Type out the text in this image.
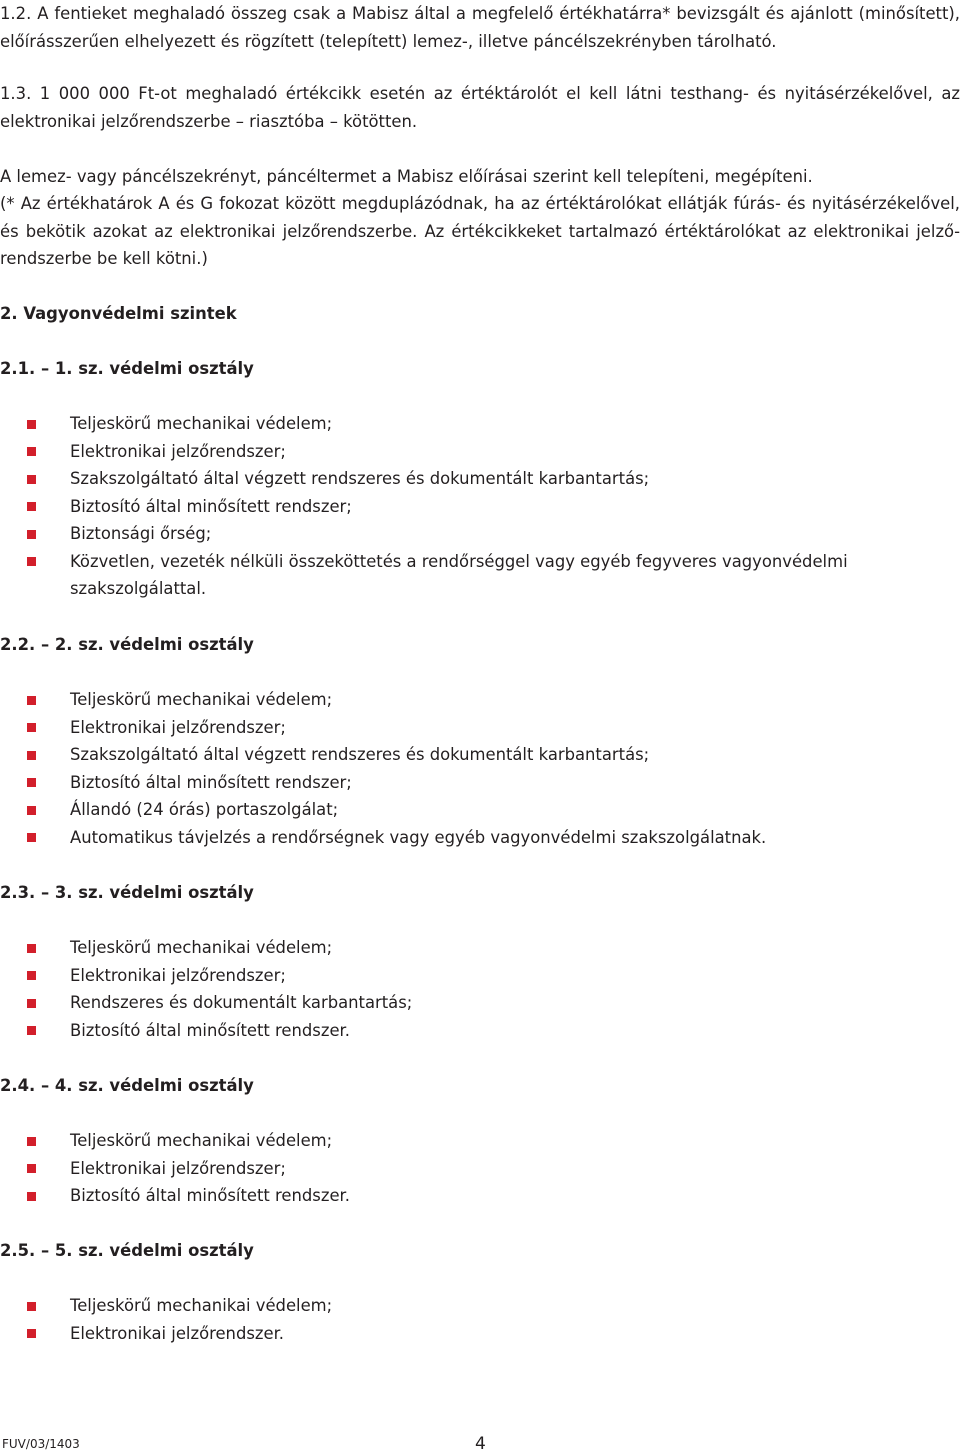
1.2. A fentieket meghaladó összeg csak a Mabisz által a megfelelő értékhatárra* bevizsgált és ajánlott (minősített), előírásszerűen elhelyezett és rögzített (telepített) lemez-, illetve páncélszekrényben tárolható.

1.3. 1 000 000 Ft-ot meghaladó értékcikk esetén az értéktárolót el kell látni testhang- és nyitásérzékelővel, az elektronikai jelzőrendszerbe – riasztóba – kötötten.

A lemez- vagy páncélszekrényt, páncéltermet a Mabisz előírásai szerint kell telepíteni, megépíteni.

(* Az értékhatárok A és G fokozat között megduplázódnak, ha az értéktárolókat ellátják fúrás- és nyitásérzékelővel, és bekötik azokat az elektronikai jelzőrendszerbe. Az értékcikkeket tartalmazó értéktárolókat az elektronikai jelző-rendszerbe be kell kötni.)

2. Vagyonvédelmi szintek

2.1. – 1. sz. védelmi osztály

Teljeskörű mechanikai védelem;
Elektronikai jelzőrendszer;
Szakszolgáltató által végzett rendszeres és dokumentált karbantartás;
Biztosító által minősített rendszer;
Biztonsági őrség;
Közvetlen, vezeték nélküli összeköttetés a rendőrséggel vagy egyéb fegyveres vagyonvédelmi szakszolgálattal.

2.2. – 2. sz. védelmi osztály

Teljeskörű mechanikai védelem;
Elektronikai jelzőrendszer;
Szakszolgáltató által végzett rendszeres és dokumentált karbantartás;
Biztosító által minősített rendszer;
Állandó (24 órás) portaszolgálat;
Automatikus távjelzés a rendőrségnek vagy egyéb vagyonvédelmi szakszolgálatnak.

2.3. – 3. sz. védelmi osztály

Teljeskörű mechanikai védelem;
Elektronikai jelzőrendszer;
Rendszeres és dokumentált karbantartás;
Biztosító által minősített rendszer.

2.4. – 4. sz. védelmi osztály

Teljeskörű mechanikai védelem;
Elektronikai jelzőrendszer;
Biztosító által minősített rendszer.

2.5. – 5. sz. védelmi osztály

Teljeskörű mechanikai védelem;
Elektronikai jelzőrendszer.
FUV/03/1403	4
